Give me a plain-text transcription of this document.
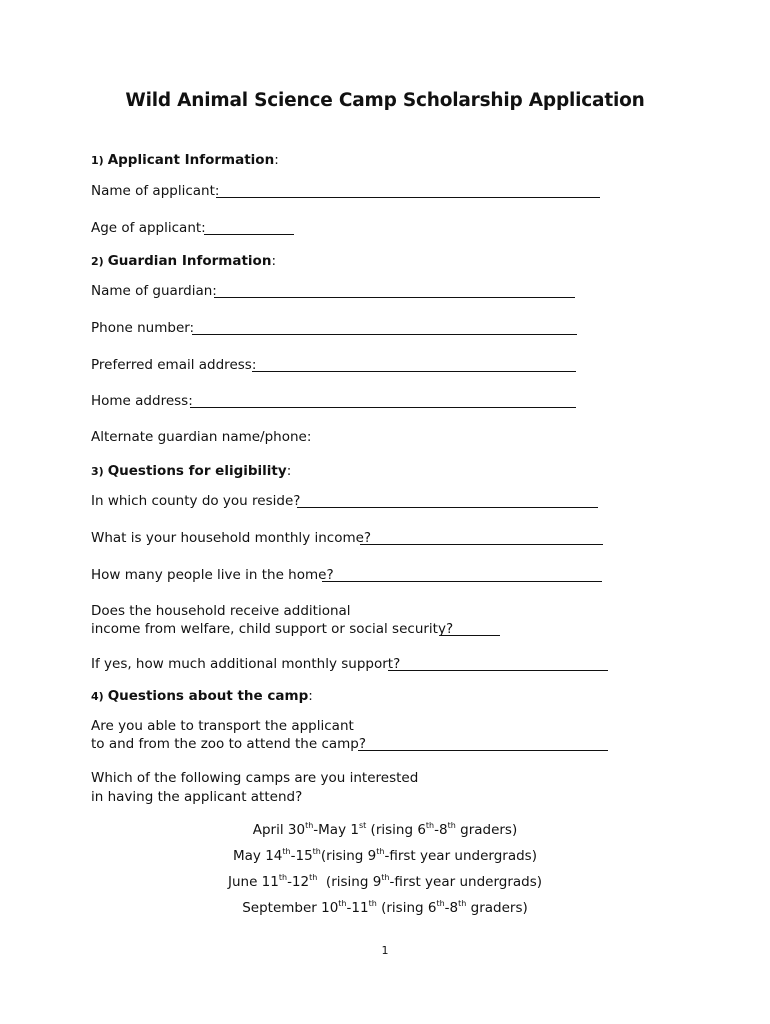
Wild Animal Science Camp Scholarship Application
1) Applicant Information:
Name of applicant:
Age of applicant:
2) Guardian Information:
Name of guardian:
Phone number:
Preferred email address:
Home address:
Alternate guardian name/phone:
3) Questions for eligibility:
In which county do you reside?
What is your household monthly income?
How many people live in the home?
Does the household receive additional
income from welfare, child support or social security?
If yes, how much additional monthly support?
4) Questions about the camp:
Are you able to transport the applicant
to and from the zoo to attend the camp?
Which of the following camps are you interested
in having the applicant attend?
April 30th-May 1st (rising 6th-8th graders)
May 14th-15th(rising 9th-first year undergrads)
June 11th-12th  (rising 9th-first year undergrads)
September 10th-11th (rising 6th-8th graders)
1
